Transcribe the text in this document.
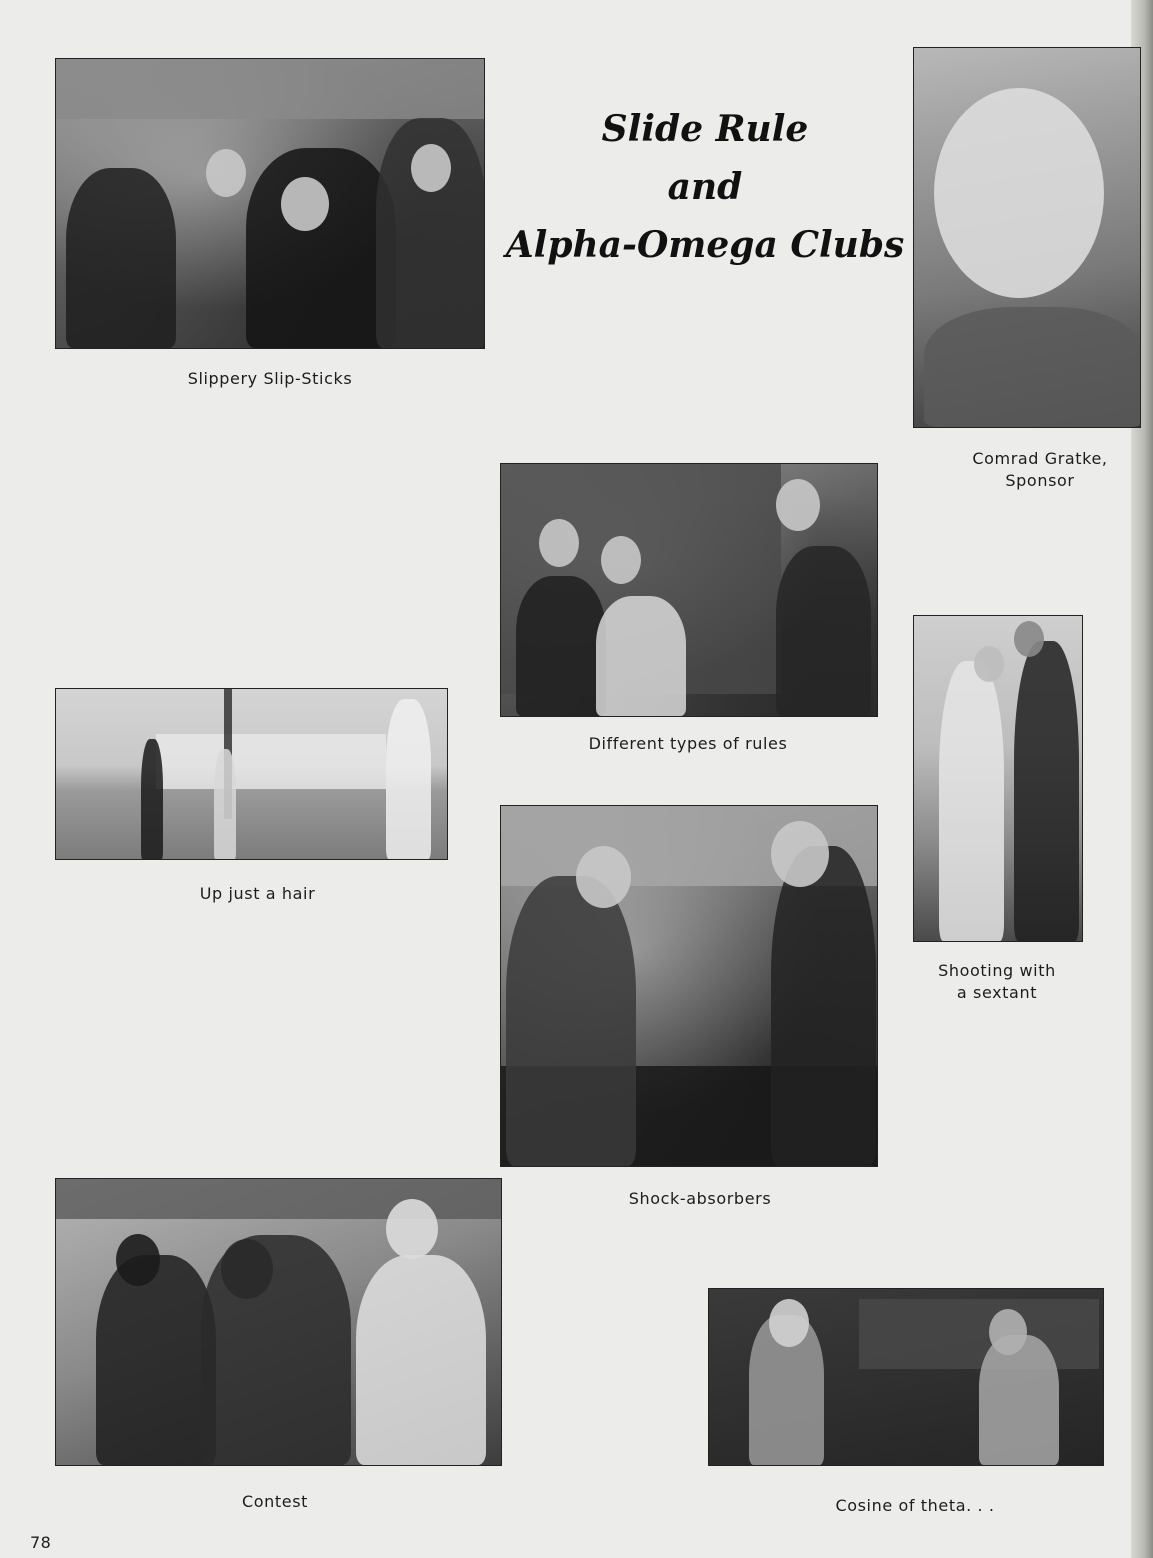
Slide Rule
and
Alpha-Omega Clubs
Slippery Slip-Sticks
Comrad Gratke,
Sponsor
Different types of rules
Shooting with
a sextant
Up just a hair
Shock-absorbers
Contest	Cosine of theta. . .
78
